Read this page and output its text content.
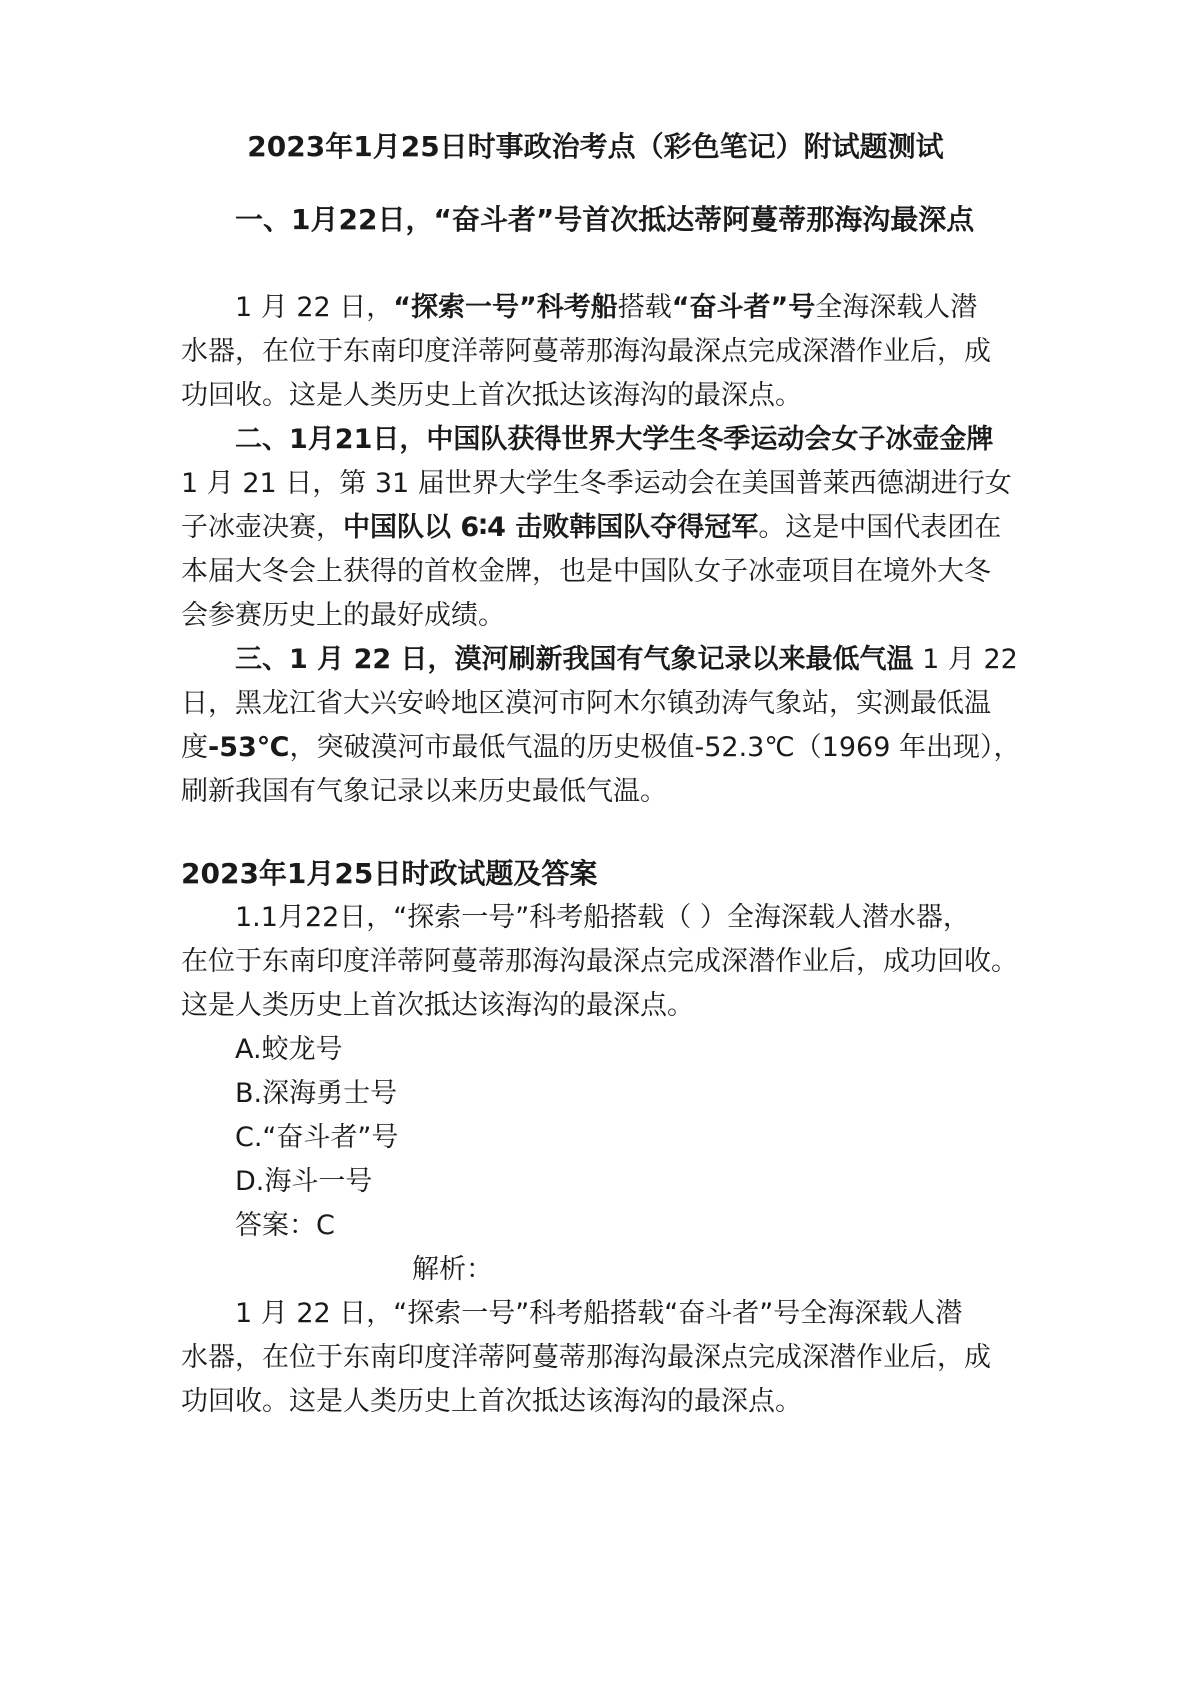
2023年1月25日时事政治考点（彩色笔记）附试题测试
一、1月22日，“奋斗者”号首次抵达蒂阿蔓蒂那海沟最深点
1 月 22 日，“探索一号”科考船搭载“奋斗者”号全海深载人潜
水器，在位于东南印度洋蒂阿蔓蒂那海沟最深点完成深潜作业后，成
功回收。这是人类历史上首次抵达该海沟的最深点。
二、1月21日，中国队获得世界大学生冬季运动会女子冰壶金牌
1 月 21 日，第 31 届世界大学生冬季运动会在美国普莱西德湖进行女
子冰壶决赛，中国队以 6∶4 击败韩国队夺得冠军。这是中国代表团在
本届大冬会上获得的首枚金牌，也是中国队女子冰壶项目在境外大冬
会参赛历史上的最好成绩。
三、1 月 22 日，漠河刷新我国有气象记录以来最低气温 1 月 22
日，黑龙江省大兴安岭地区漠河市阿木尔镇劲涛气象站，实测最低温
度-53℃，突破漠河市最低气温的历史极值-52.3℃（1969 年出现），
刷新我国有气象记录以来历史最低气温。
2023年1月25日时政试题及答案
1.1月22日，“探索一号”科考船搭载（ ）全海深载人潜水器，
在位于东南印度洋蒂阿蔓蒂那海沟最深点完成深潜作业后，成功回收。
这是人类历史上首次抵达该海沟的最深点。
A.蛟龙号
B.深海勇士号
C.“奋斗者”号
D.海斗一号
答案：C
解析：
1 月 22 日，“探索一号”科考船搭载“奋斗者”号全海深载人潜
水器，在位于东南印度洋蒂阿蔓蒂那海沟最深点完成深潜作业后，成
功回收。这是人类历史上首次抵达该海沟的最深点。
